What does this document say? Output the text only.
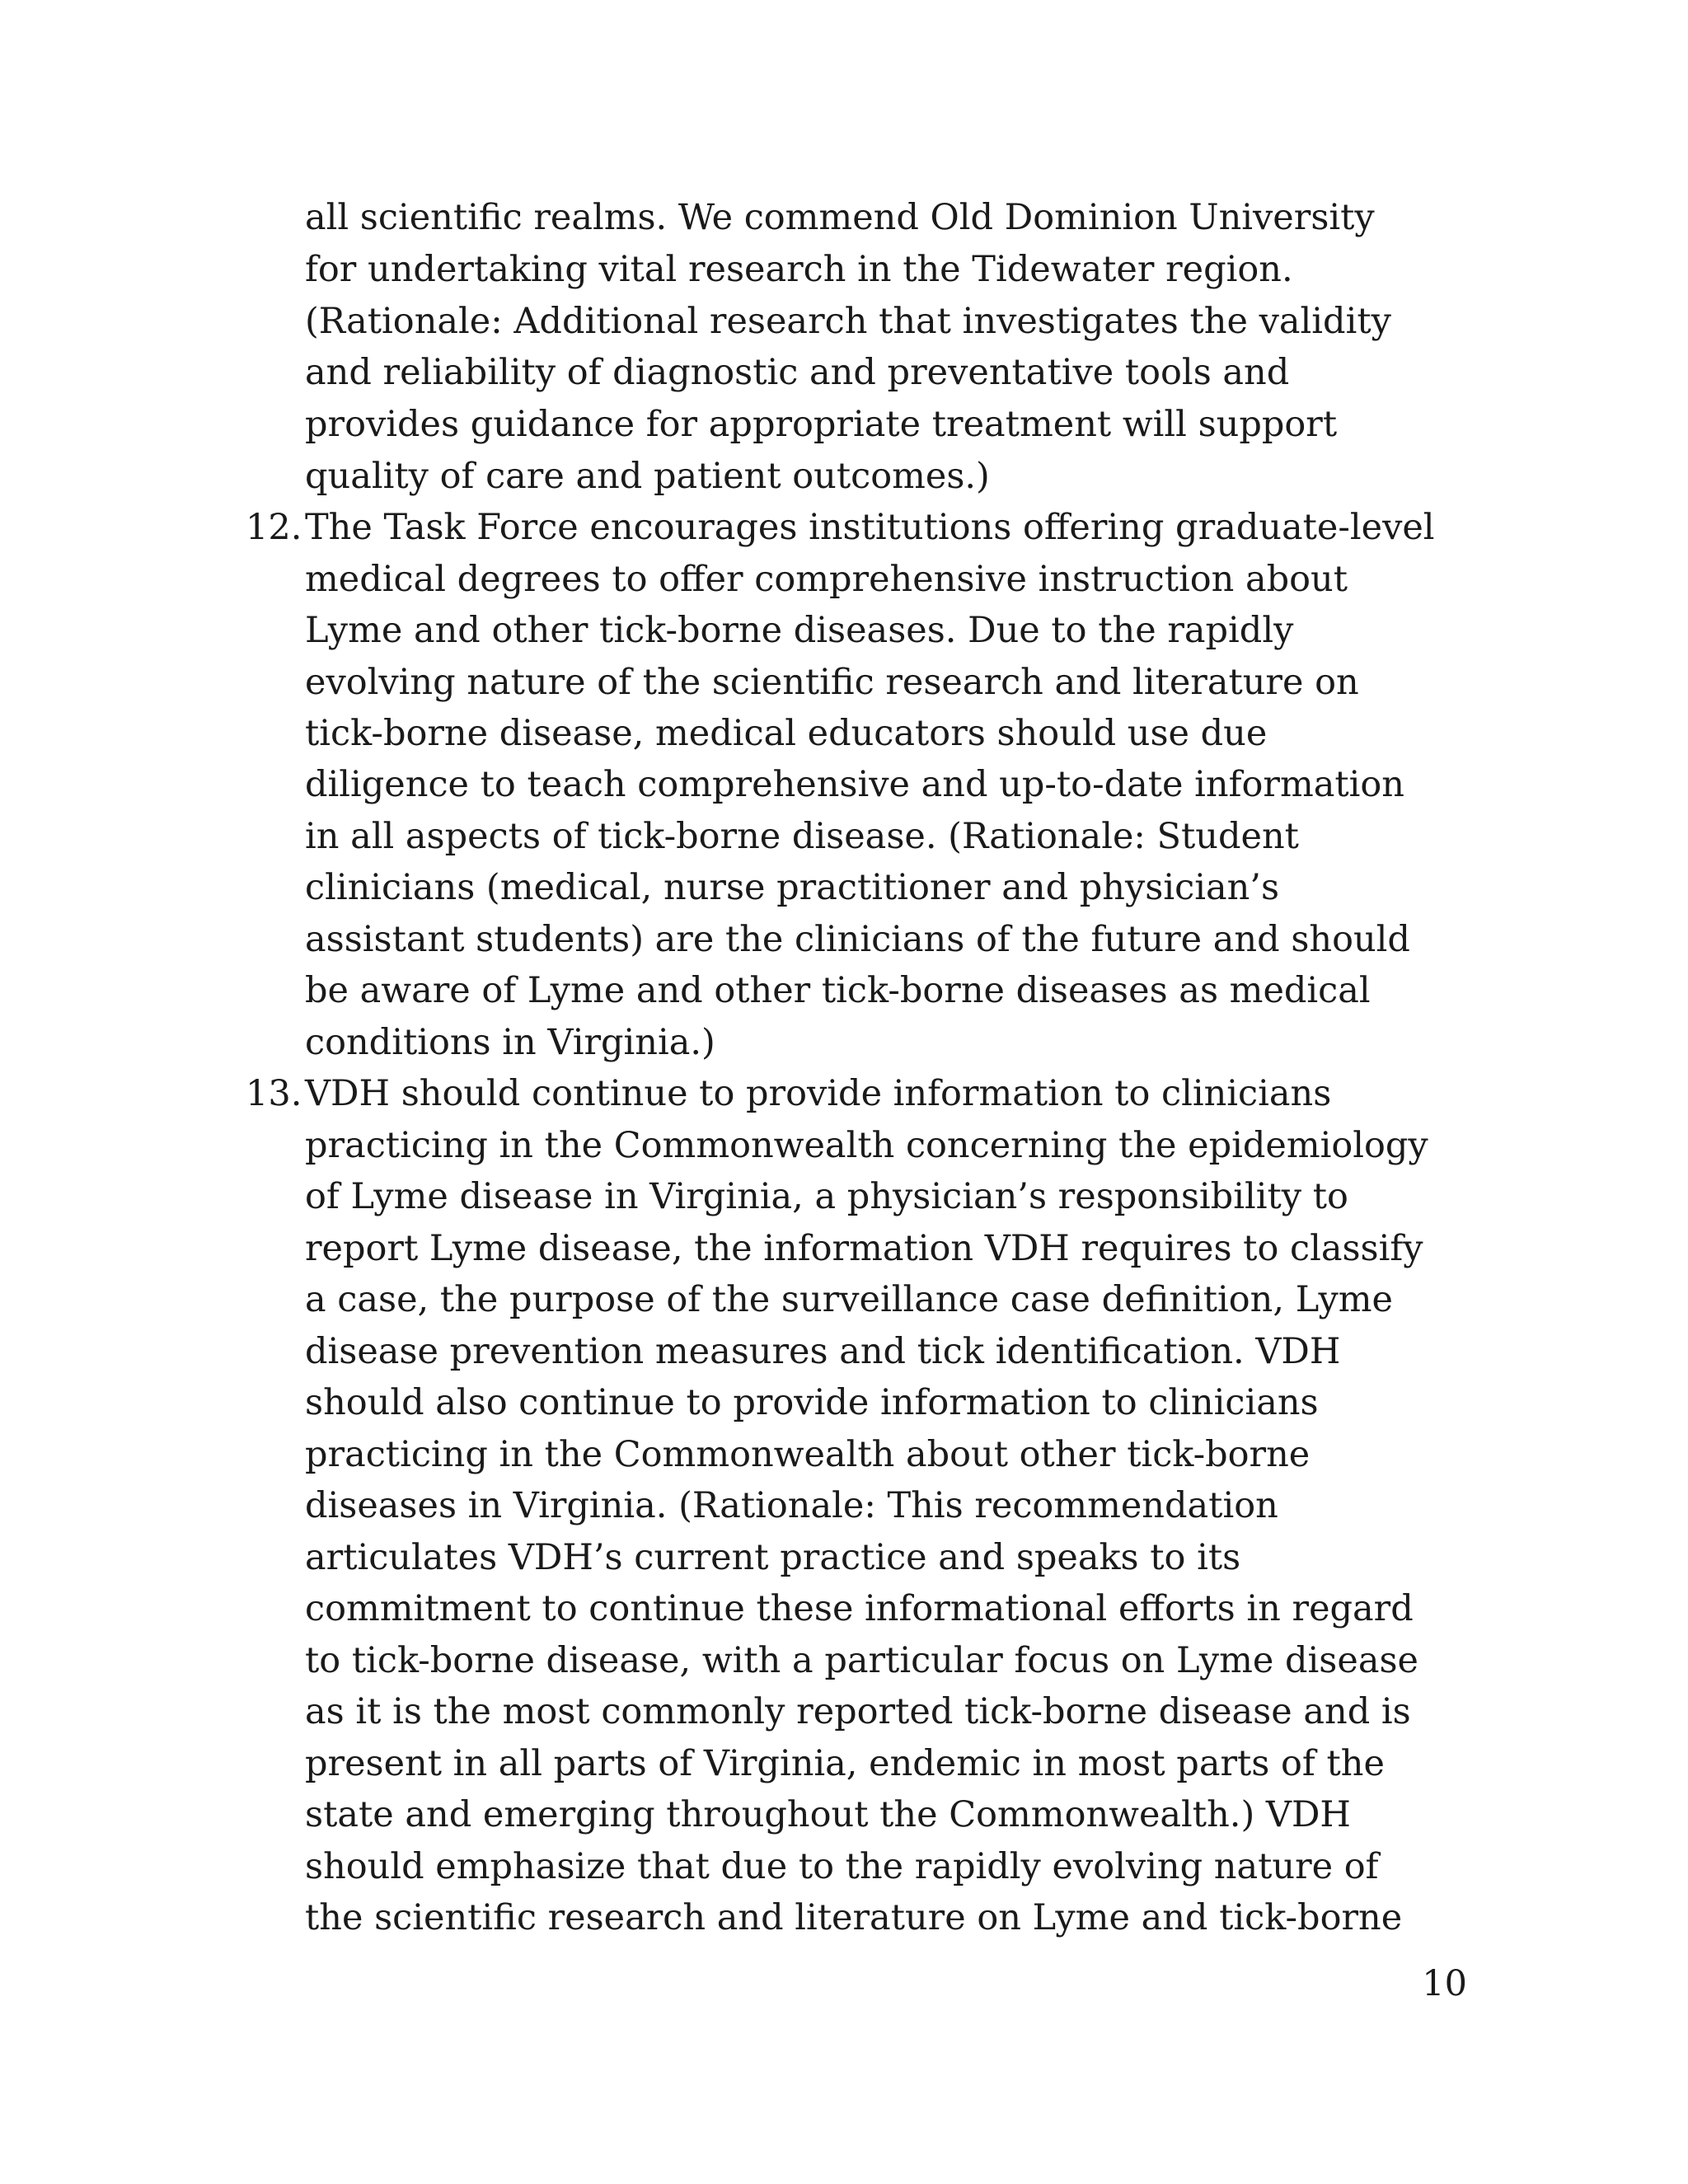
all scientific realms. We commend Old Dominion University
for undertaking vital research in the Tidewater region.
(Rationale: Additional research that investigates the validity
and reliability of diagnostic and preventative tools and
provides guidance for appropriate treatment will support
quality of care and patient outcomes.)
12. The Task Force encourages institutions offering graduate-level
medical degrees to offer comprehensive instruction about
Lyme and other tick-borne diseases. Due to the rapidly
evolving nature of the scientific research and literature on
tick-borne disease, medical educators should use due
diligence to teach comprehensive and up-to-date information
in all aspects of tick-borne disease. (Rationale: Student
clinicians (medical, nurse practitioner and physician’s
assistant students) are the clinicians of the future and should
be aware of Lyme and other tick-borne diseases as medical
conditions in Virginia.)
13. VDH should continue to provide information to clinicians
practicing in the Commonwealth concerning the epidemiology
of Lyme disease in Virginia, a physician’s responsibility to
report Lyme disease, the information VDH requires to classify
a case, the purpose of the surveillance case definition, Lyme
disease prevention measures and tick identification. VDH
should also continue to provide information to clinicians
practicing in the Commonwealth about other tick-borne
diseases in Virginia. (Rationale: This recommendation
articulates VDH’s current practice and speaks to its
commitment to continue these informational efforts in regard
to tick-borne disease, with a particular focus on Lyme disease
as it is the most commonly reported tick-borne disease and is
present in all parts of Virginia, endemic in most parts of the
state and emerging throughout the Commonwealth.) VDH
should emphasize that due to the rapidly evolving nature of
the scientific research and literature on Lyme and tick-borne
10
